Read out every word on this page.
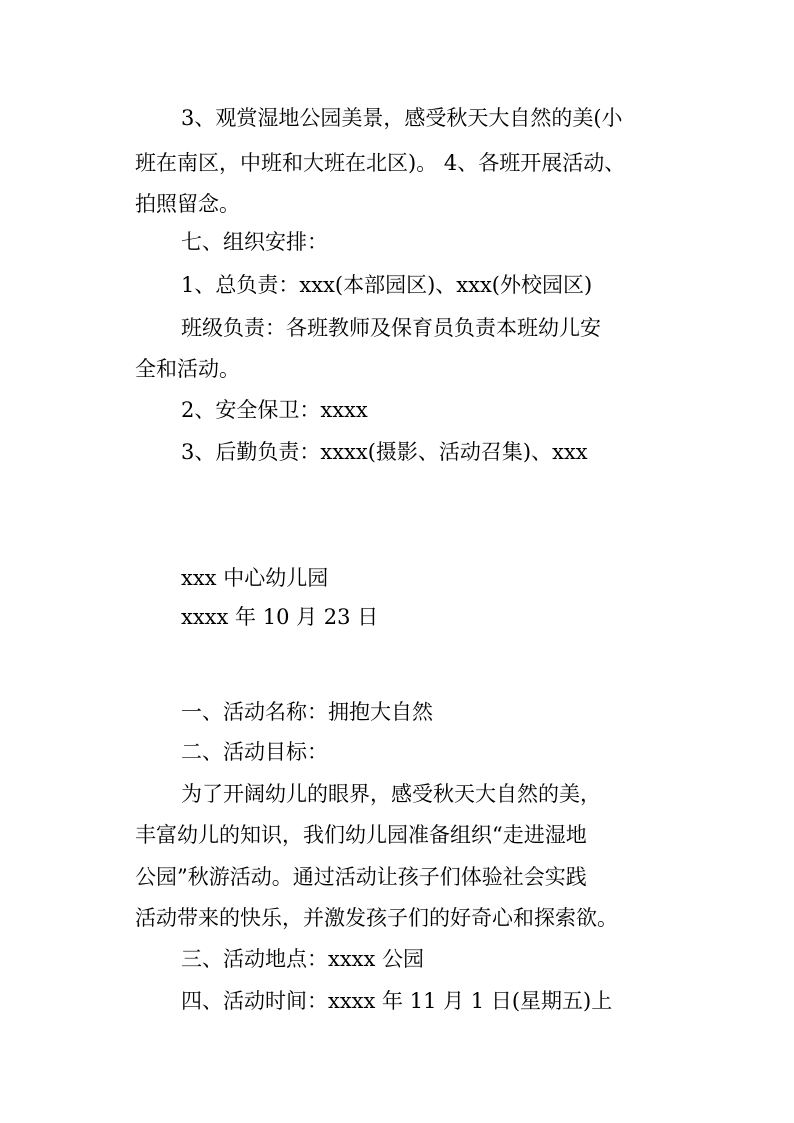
3、观赏湿地公园美景，感受秋天大自然的美(小
班在南区，中班和大班在北区)。 4、各班开展活动、
拍照留念。
七、组织安排：
1、总负责：xxx(本部园区)、xxx(外校园区)
班级负责：各班教师及保育员负责本班幼儿安
全和活动。
2、安全保卫：xxxx
3、后勤负责：xxxx(摄影、活动召集)、xxx
xxx 中心幼儿园
xxxx 年 10 月 23 日
一、活动名称：拥抱大自然
二、活动目标：
为了开阔幼儿的眼界，感受秋天大自然的美，
丰富幼儿的知识，我们幼儿园准备组织“走进湿地
公园”秋游活动。通过活动让孩子们体验社会实践
活动带来的快乐，并激发孩子们的好奇心和探索欲。
三、活动地点：xxxx 公园
四、活动时间：xxxx 年 11 月 1 日(星期五)上
